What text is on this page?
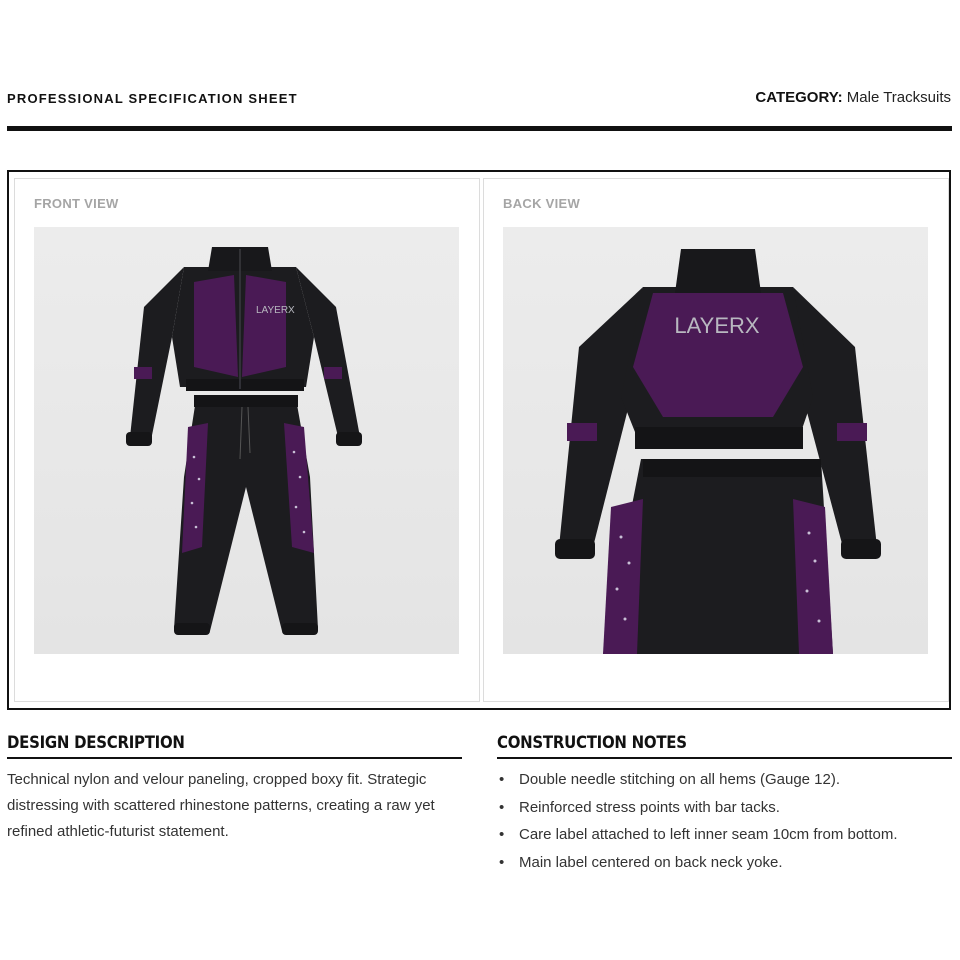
PROFESSIONAL SPECIFICATION SHEET	CATEGORY: Male Tracksuits
FRONT VIEW
LAYERX
BACK VIEW
LAYERX
DESIGN DESCRIPTION
Technical nylon and velour paneling, cropped boxy fit. Strategic distressing with scattered rhinestone patterns, creating a raw yet refined athletic-futurist statement.
CONSTRUCTION NOTES
• Double needle stitching on all hems (Gauge 12).
• Reinforced stress points with bar tacks.
• Care label attached to left inner seam 10cm from bottom.
• Main label centered on back neck yoke.
